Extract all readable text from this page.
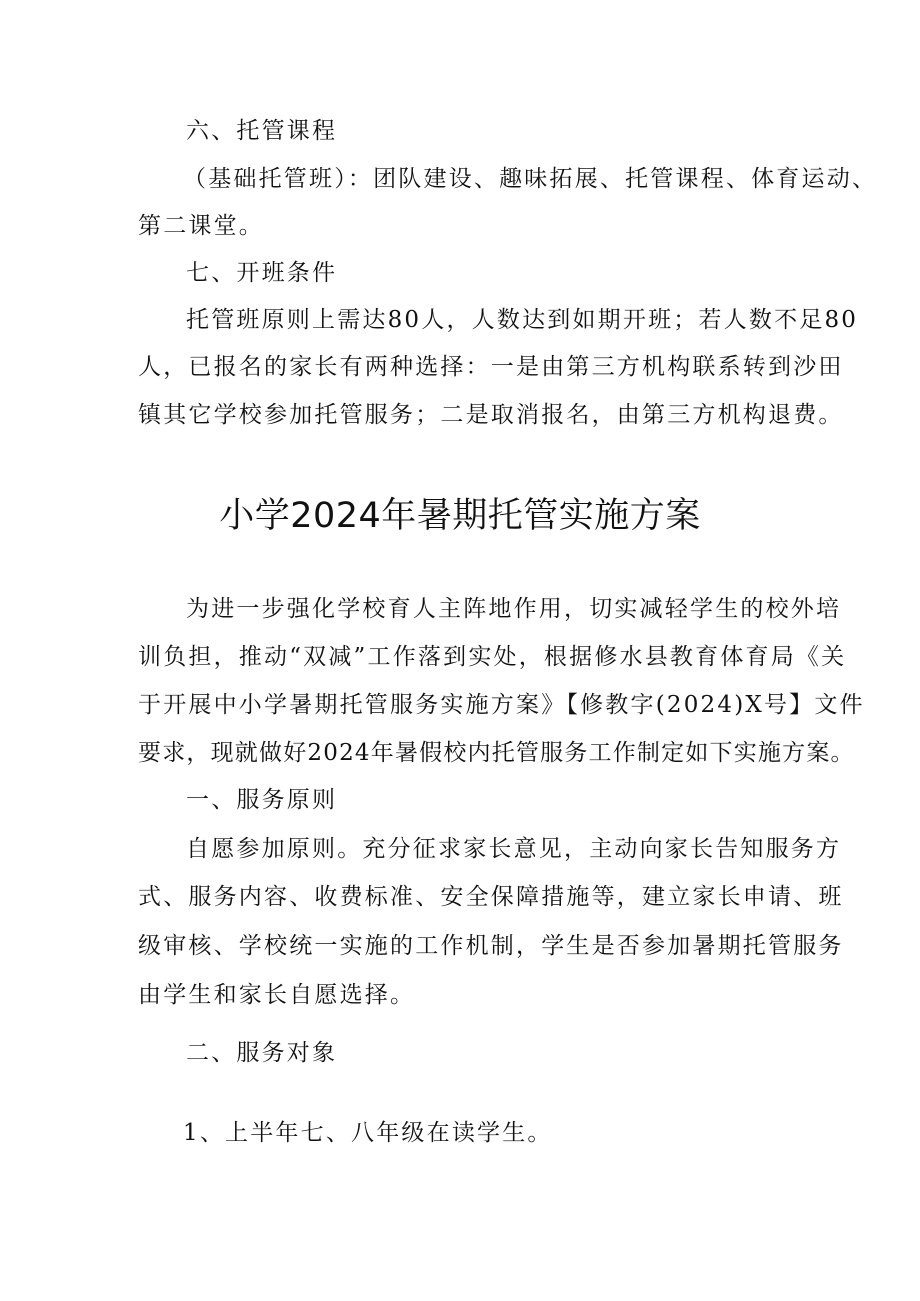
六、托管课程
（基础托管班）：团队建设、趣味拓展、托管课程、体育运动、
第二课堂。
七、开班条件
托管班原则上需达80人，人数达到如期开班；若人数不足80
人，已报名的家长有两种选择：一是由第三方机构联系转到沙田
镇其它学校参加托管服务；二是取消报名，由第三方机构退费。
小学2024年暑期托管实施方案
为进一步强化学校育人主阵地作用，切实减轻学生的校外培
训负担，推动“双减”工作落到实处，根据修水县教育体育局《关
于开展中小学暑期托管服务实施方案》【修教字(2024)X号】文件
要求，现就做好2024年暑假校内托管服务工作制定如下实施方案。
一、服务原则
自愿参加原则。充分征求家长意见，主动向家长告知服务方
式、服务内容、收费标准、安全保障措施等，建立家长申请、班
级审核、学校统一实施的工作机制，学生是否参加暑期托管服务
由学生和家长自愿选择。
二、服务对象
1、上半年七、八年级在读学生。
